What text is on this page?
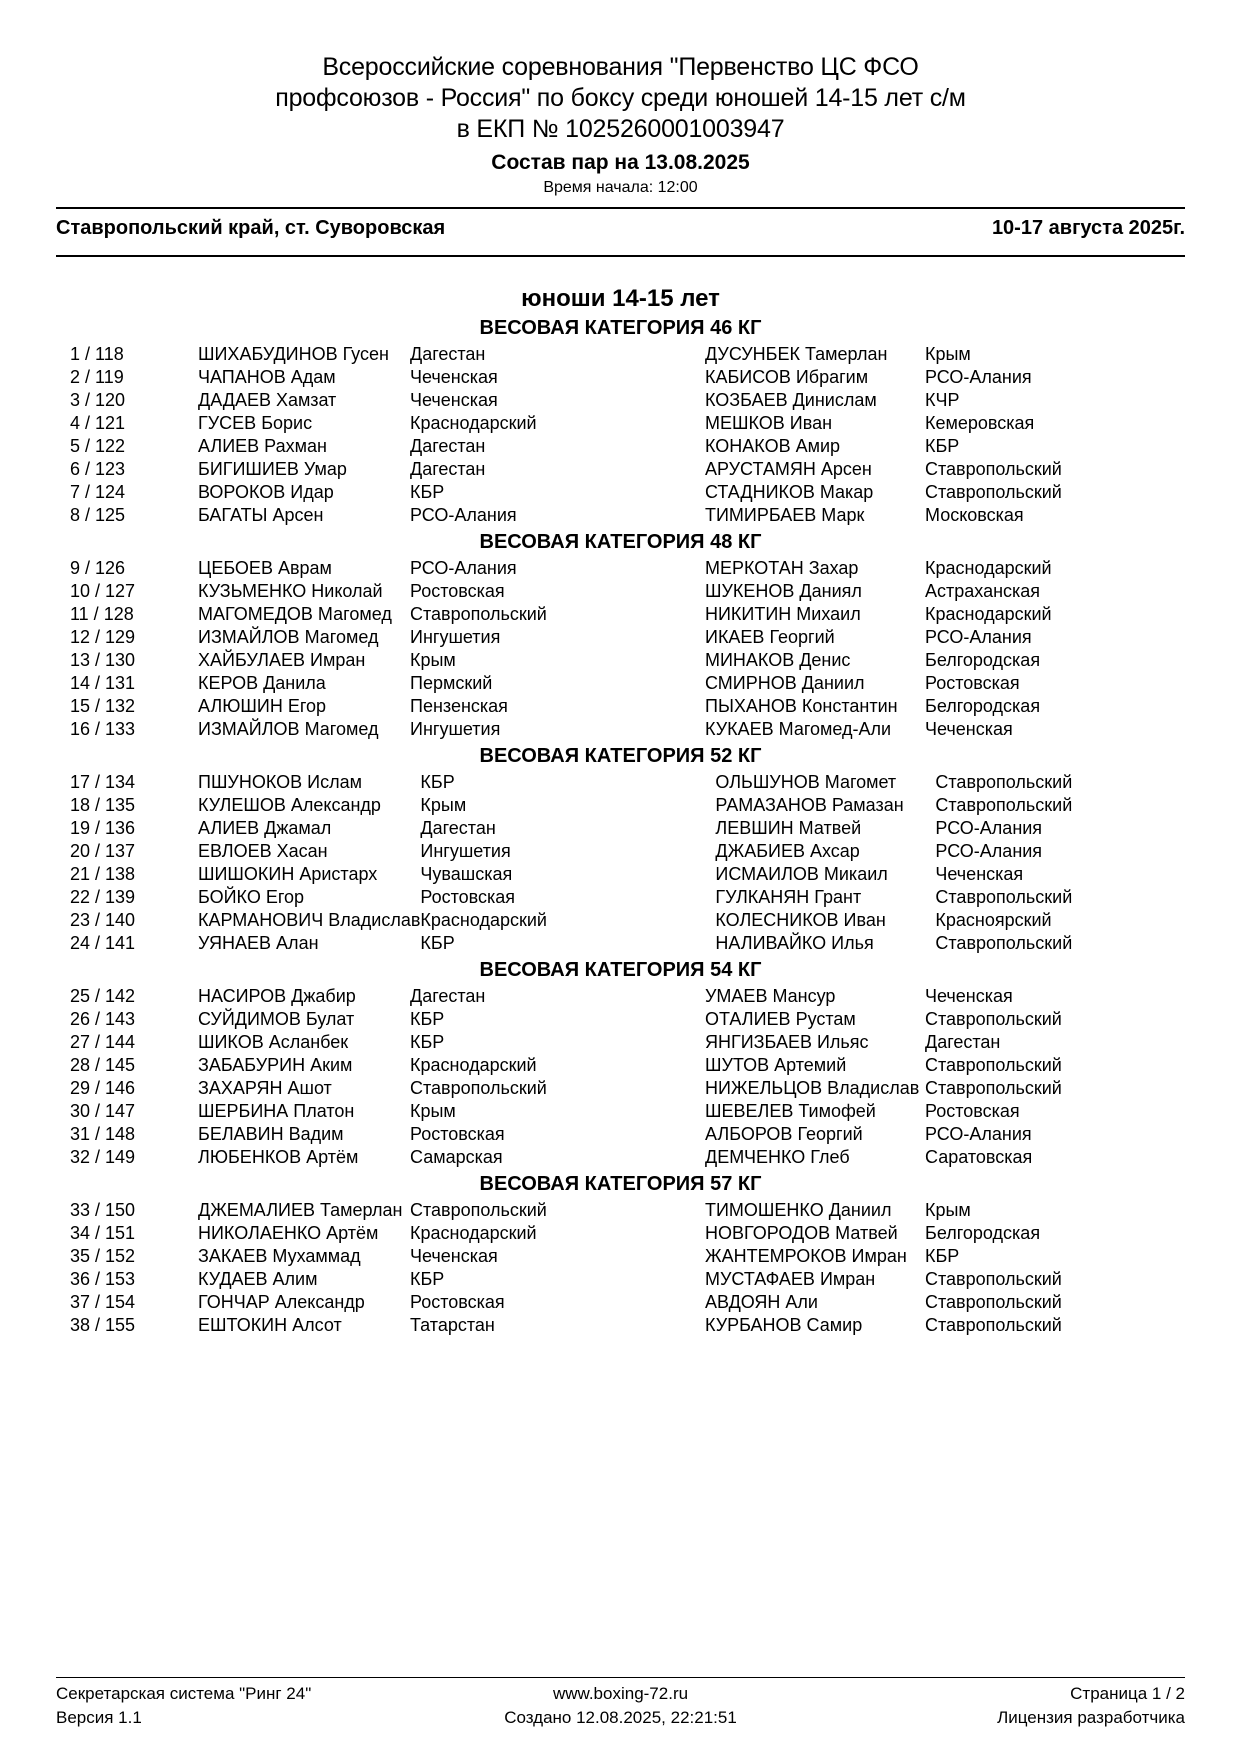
Всероссийские соревнования "Первенство ЦС ФСО
профсоюзов - Россия" по боксу среди юношей 14-15 лет с/м
в ЕКП № 1025260001003947
Состав пар на 13.08.2025
Время начала: 12:00
Ставропольский край, ст. Суворовская	10-17 августа 2025г.
юноши 14-15 лет
ВЕСОВАЯ КАТЕГОРИЯ 46 КГ
1 / 118	ШИХАБУДИНОВ Гусен	Дагестан	ДУСУНБЕК Тамерлан	Крым
2 / 119	ЧАПАНОВ Адам	Чеченская	КАБИСОВ Ибрагим	РСО-Алания
3 / 120	ДАДАЕВ Хамзат	Чеченская	КОЗБАЕВ Динислам	КЧР
4 / 121	ГУСЕВ Борис	Краснодарский	МЕШКОВ Иван	Кемеровская
5 / 122	АЛИЕВ Рахман	Дагестан	КОНАКОВ Амир	КБР
6 / 123	БИГИШИЕВ Умар	Дагестан	АРУСТАМЯН Арсен	Ставропольский
7 / 124	ВОРОКОВ Идар	КБР	СТАДНИКОВ Макар	Ставропольский
8 / 125	БАГАТЫ Арсен	РСО-Алания	ТИМИРБАЕВ Марк	Московская
ВЕСОВАЯ КАТЕГОРИЯ 48 КГ
9 / 126	ЦЕБОЕВ Аврам	РСО-Алания	МЕРКОТАН Захар	Краснодарский
10 / 127	КУЗЬМЕНКО Николай	Ростовская	ШУКЕНОВ Даниял	Астраханская
11 / 128	МАГОМЕДОВ Магомед	Ставропольский	НИКИТИН Михаил	Краснодарский
12 / 129	ИЗМАЙЛОВ Магомед	Ингушетия	ИКАЕВ Георгий	РСО-Алания
13 / 130	ХАЙБУЛАЕВ Имран	Крым	МИНАКОВ Денис	Белгородская
14 / 131	КЕРОВ Данила	Пермский	СМИРНОВ Даниил	Ростовская
15 / 132	АЛЮШИН Егор	Пензенская	ПЫХАНОВ Константин	Белгородская
16 / 133	ИЗМАЙЛОВ Магомед	Ингушетия	КУКАЕВ Магомед-Али	Чеченская
ВЕСОВАЯ КАТЕГОРИЯ 52 КГ
17 / 134	ПШУНОКОВ Ислам	КБР	ОЛЬШУНОВ Магомет	Ставропольский
18 / 135	КУЛЕШОВ Александр	Крым	РАМАЗАНОВ Рамазан	Ставропольский
19 / 136	АЛИЕВ Джамал	Дагестан	ЛЕВШИН Матвей	РСО-Алания
20 / 137	ЕВЛОЕВ Хасан	Ингушетия	ДЖАБИЕВ Ахсар	РСО-Алания
21 / 138	ШИШОКИН Аристарх	Чувашская	ИСМАИЛОВ Микаил	Чеченская
22 / 139	БОЙКО Егор	Ростовская	ГУЛКАНЯН Грант	Ставропольский
23 / 140	КАРМАНОВИЧ Владислав	Краснодарский	КОЛЕСНИКОВ Иван	Красноярский
24 / 141	УЯНАЕВ Алан	КБР	НАЛИВАЙКО Илья	Ставропольский
ВЕСОВАЯ КАТЕГОРИЯ 54 КГ
25 / 142	НАСИРОВ Джабир	Дагестан	УМАЕВ Мансур	Чеченская
26 / 143	СУЙДИМОВ Булат	КБР	ОТАЛИЕВ Рустам	Ставропольский
27 / 144	ШИКОВ Асланбек	КБР	ЯНГИЗБАЕВ Ильяс	Дагестан
28 / 145	ЗАБАБУРИН Аким	Краснодарский	ШУТОВ Артемий	Ставропольский
29 / 146	ЗАХАРЯН Ашот	Ставропольский	НИЖЕЛЬЦОВ Владислав	Ставропольский
30 / 147	ШЕРБИНА Платон	Крым	ШЕВЕЛЕВ Тимофей	Ростовская
31 / 148	БЕЛАВИН Вадим	Ростовская	АЛБОРОВ Георгий	РСО-Алания
32 / 149	ЛЮБЕНКОВ Артём	Самарская	ДЕМЧЕНКО Глеб	Саратовская
ВЕСОВАЯ КАТЕГОРИЯ 57 КГ
33 / 150	ДЖЕМАЛИЕВ Тамерлан	Ставропольский	ТИМОШЕНКО Даниил	Крым
34 / 151	НИКОЛАЕНКО Артём	Краснодарский	НОВГОРОДОВ Матвей	Белгородская
35 / 152	ЗАКАЕВ Мухаммад	Чеченская	ЖАНТЕМРОКОВ Имран	КБР
36 / 153	КУДАЕВ Алим	КБР	МУСТАФАЕВ Имран	Ставропольский
37 / 154	ГОНЧАР Александр	Ростовская	АВДОЯН Али	Ставропольский
38 / 155	ЕШТОКИН Алсот	Татарстан	КУРБАНОВ Самир	Ставропольский
Секретарская система "Ринг 24"	www.boxing-72.ru	Страница 1 / 2
Версия 1.1	Создано 12.08.2025, 22:21:51	Лицензия разработчика
